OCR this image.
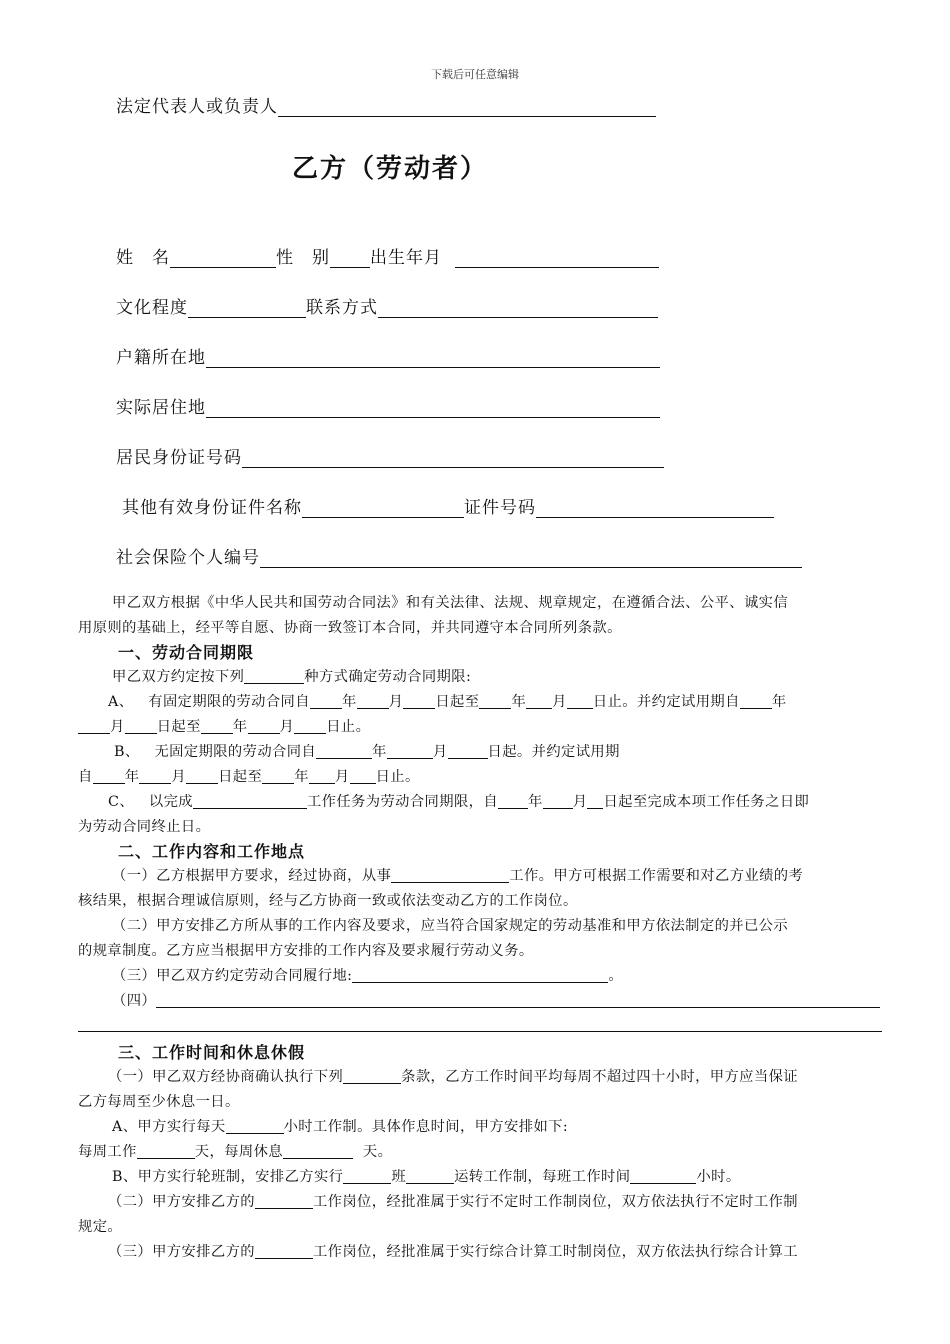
下载后可任意编辑
法定代表人或负责人
乙方（劳动者）
姓　名	性　别 出生年月
文化程度	联系方式
户籍所在地
实际居住地
居民身份证号码
其他有效身份证件名称	证件号码
社会保险个人编号
甲乙双方根据《中华人民共和国劳动合同法》和有关法律、法规、规章规定，在遵循合法、公平、诚实信
用原则的基础上，经平等自愿、协商一致签订本合同，并共同遵守本合同所列条款。
一、劳动合同期限
甲乙双方约定按下列	种方式确定劳动合同期限:
A、 有固定期限的劳动合同自 年 月 日起至 年 月 日止。并约定试用期自 年
月 日起至 年 月 日止。
B、 无固定期限的劳动合同自	年	月	日起。并约定试用期
自 年 月 日起至 年 月 日止。
C、 以完成	工作任务为劳动合同期限，自 年 月 日起至完成本项工作任务之日即
为劳动合同终止日。
二、工作内容和工作地点
（一）乙方根据甲方要求，经过协商，从事	工作。甲方可根据工作需要和对乙方业绩的考
核结果，根据合理诚信原则，经与乙方协商一致或依法变动乙方的工作岗位。
（二）甲方安排乙方所从事的工作内容及要求，应当符合国家规定的劳动基准和甲方依法制定的并已公示
的规章制度。乙方应当根据甲方安排的工作内容及要求履行劳动义务。
（三）甲乙双方约定劳动合同履行地:	。
（四）
三、工作时间和休息休假
（一）甲乙双方经协商确认执行下列	条款，乙方工作时间平均每周不超过四十小时，甲方应当保证
乙方每周至少休息一日。
A、甲方实行每天	小时工作制。具体作息时间，甲方安排如下:
每周工作	天，每周休息	天。
B、甲方实行轮班制，安排乙方实行	班	运转工作制，每班工作时间	小时。
（二）甲方安排乙方的	工作岗位，经批准属于实行不定时工作制岗位，双方依法执行不定时工作制
规定。
（三）甲方安排乙方的	工作岗位，经批准属于实行综合计算工时制岗位，双方依法执行综合计算工
